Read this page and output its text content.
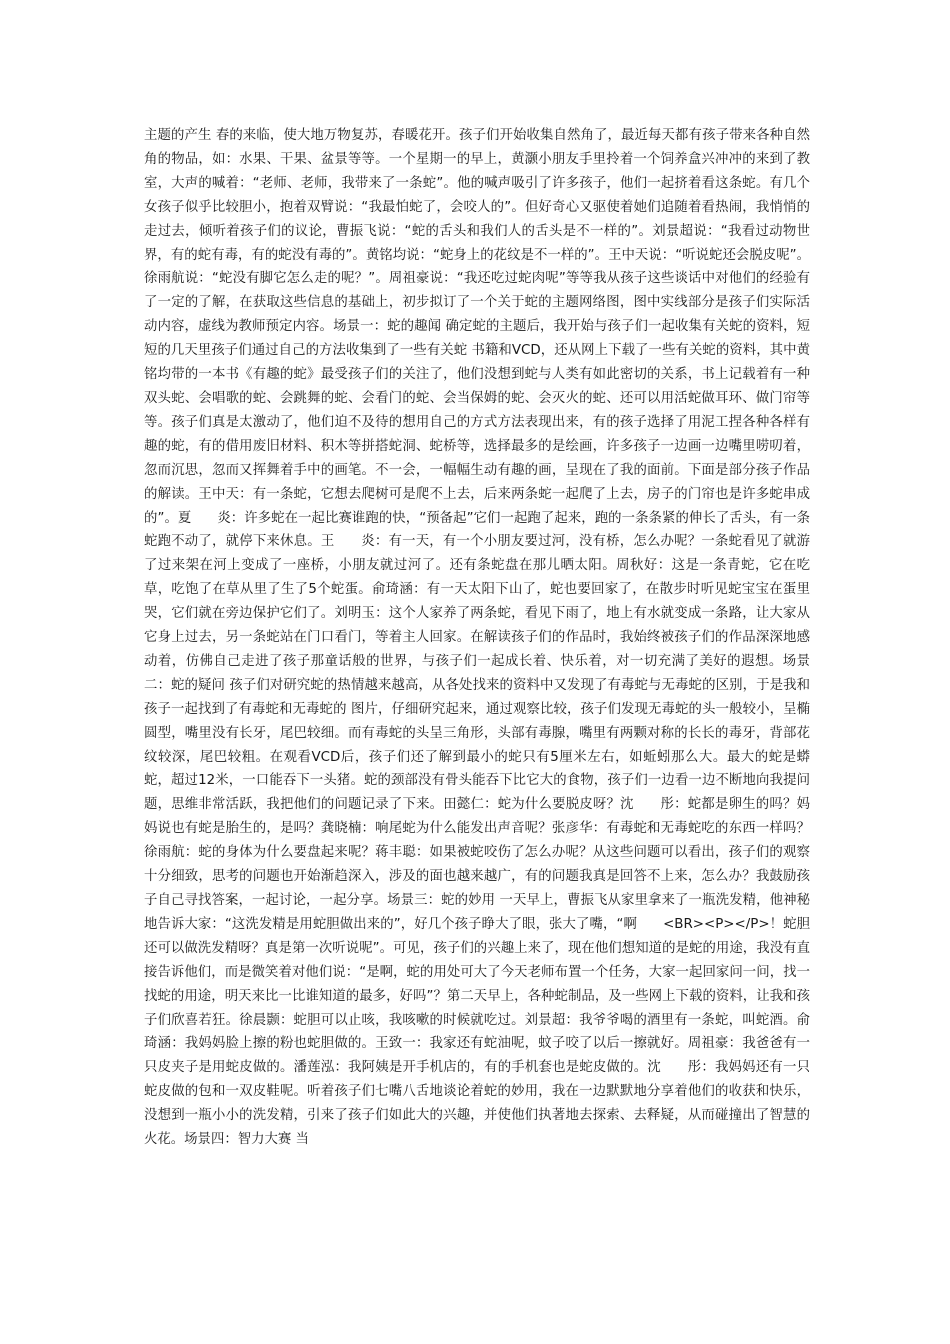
主题的产生 春的来临，使大地万物复苏，春暖花开。孩子们开始收集自然角了，最近每天都有孩子带来各种自然角的物品，如：水果、干果、盆景等等。一个星期一的早上，黄灏小朋友手里拎着一个饲养盒兴冲冲的来到了教室，大声的喊着：“老师、老师，我带来了一条蛇”。他的喊声吸引了许多孩子，他们一起挤着看这条蛇。有几个女孩子似乎比较胆小，抱着双臂说：“我最怕蛇了，会咬人的”。但好奇心又驱使着她们追随着看热闹，我悄悄的走过去，倾听着孩子们的议论，曹振飞说：“蛇的舌头和我们人的舌头是不一样的”。刘景超说：“我看过动物世界，有的蛇有毒，有的蛇没有毒的”。黄铭均说：“蛇身上的花纹是不一样的”。王中天说：“听说蛇还会脱皮呢”。徐雨航说：“蛇没有脚它怎么走的呢？”。周祖豪说：“我还吃过蛇肉呢”等等我从孩子这些谈话中对他们的经验有了一定的了解，在获取这些信息的基础上，初步拟订了一个关于蛇的主题网络图，图中实线部分是孩子们实际活动内容，虚线为教师预定内容。场景一：蛇的趣闻 确定蛇的主题后，我开始与孩子们一起收集有关蛇的资料，短短的几天里孩子们通过自己的方法收集到了一些有关蛇 书籍和VCD，还从网上下载了一些有关蛇的资料，其中黄铭均带的一本书《有趣的蛇》最受孩子们的关注了，他们没想到蛇与人类有如此密切的关系，书上记载着有一种双头蛇、会唱歌的蛇、会跳舞的蛇、会看门的蛇、会当保姆的蛇、会灭火的蛇、还可以用活蛇做耳环、做门帘等等。孩子们真是太激动了，他们迫不及待的想用自己的方式方法表现出来，有的孩子选择了用泥工捏各种各样有趣的蛇，有的借用废旧材料、积木等拼搭蛇洞、蛇桥等，选择最多的是绘画，许多孩子一边画一边嘴里唠叨着，忽而沉思，忽而又挥舞着手中的画笔。不一会，一幅幅生动有趣的画，呈现在了我的面前。下面是部分孩子作品的解读。王中天：有一条蛇，它想去爬树可是爬不上去，后来两条蛇一起爬了上去，房子的门帘也是许多蛇串成的”。夏      炎：许多蛇在一起比赛谁跑的快，“预备起”它们一起跑了起来，跑的一条条紧的伸长了舌头，有一条蛇跑不动了，就停下来休息。王      炎：有一天，有一个小朋友要过河，没有桥，怎么办呢？一条蛇看见了就游了过来架在河上变成了一座桥，小朋友就过河了。还有条蛇盘在那儿晒太阳。周秋好：这是一条青蛇，它在吃草，吃饱了在草从里了生了5个蛇蛋。俞琦涵：有一天太阳下山了，蛇也要回家了，在散步时听见蛇宝宝在蛋里哭，它们就在旁边保护它们了。刘明玉：这个人家养了两条蛇，看见下雨了，地上有水就变成一条路，让大家从它身上过去，另一条蛇站在门口看门，等着主人回家。在解读孩子们的作品时，我始终被孩子们的作品深深地感动着，仿佛自己走进了孩子那童话般的世界，与孩子们一起成长着、快乐着，对一切充满了美好的遐想。场景二：蛇的疑问 孩子们对研究蛇的热情越来越高，从各处找来的资料中又发现了有毒蛇与无毒蛇的区别，于是我和孩子一起找到了有毒蛇和无毒蛇的 图片，仔细研究起来，通过观察比较，孩子们发现无毒蛇的头一般较小，呈椭圆型，嘴里没有长牙，尾巴较细。而有毒蛇的头呈三角形，头部有毒腺，嘴里有两颗对称的长长的毒牙，背部花纹较深，尾巴较粗。在观看VCD后，孩子们还了解到最小的蛇只有5厘米左右，如蚯蚓那么大。最大的蛇是蟒蛇，超过12米，一口能吞下一头猪。蛇的颈部没有骨头能吞下比它大的食物，孩子们一边看一边不断地向我提问题，思维非常活跃，我把他们的问题记录了下来。田懿仁：蛇为什么要脱皮呀？沈      彤：蛇都是卵生的吗？妈妈说也有蛇是胎生的，是吗？龚晓楠：响尾蛇为什么能发出声音呢？张彦华：有毒蛇和无毒蛇吃的东西一样吗？徐雨航：蛇的身体为什么要盘起来呢？蒋丰聪：如果被蛇咬伤了怎么办呢？从这些问题可以看出，孩子们的观察十分细致，思考的问题也开始渐趋深入，涉及的面也越来越广，有的问题我真是回答不上来，怎么办？我鼓励孩子自己寻找答案，一起讨论，一起分享。场景三：蛇的妙用 一天早上，曹振飞从家里拿来了一瓶洗发精，他神秘地告诉大家：“这洗发精是用蛇胆做出来的”，好几个孩子睁大了眼，张大了嘴，“啊      <BR><P></P>！蛇胆还可以做洗发精呀？真是第一次听说呢”。可见，孩子们的兴趣上来了，现在他们想知道的是蛇的用途，我没有直接告诉他们，而是微笑着对他们说：“是啊，蛇的用处可大了今天老师布置一个任务，大家一起回家问一问，找一找蛇的用途，明天来比一比谁知道的最多，好吗”？第二天早上，各种蛇制品，及一些网上下载的资料，让我和孩子们欣喜若狂。徐晨颢：蛇胆可以止咳，我咳嗽的时候就吃过。刘景超：我爷爷喝的酒里有一条蛇，叫蛇酒。俞琦涵：我妈妈脸上擦的粉也蛇胆做的。王致一：我家还有蛇油呢，蚊子咬了以后一擦就好。周祖豪：我爸爸有一只皮夹子是用蛇皮做的。潘莲泓：我阿姨是开手机店的，有的手机套也是蛇皮做的。沈      彤：我妈妈还有一只蛇皮做的包和一双皮鞋呢。听着孩子们七嘴八舌地谈论着蛇的妙用，我在一边默默地分享着他们的收获和快乐，没想到一瓶小小的洗发精，引来了孩子们如此大的兴趣，并使他们执著地去探索、去释疑，从而碰撞出了智慧的火花。场景四：智力大赛 当
